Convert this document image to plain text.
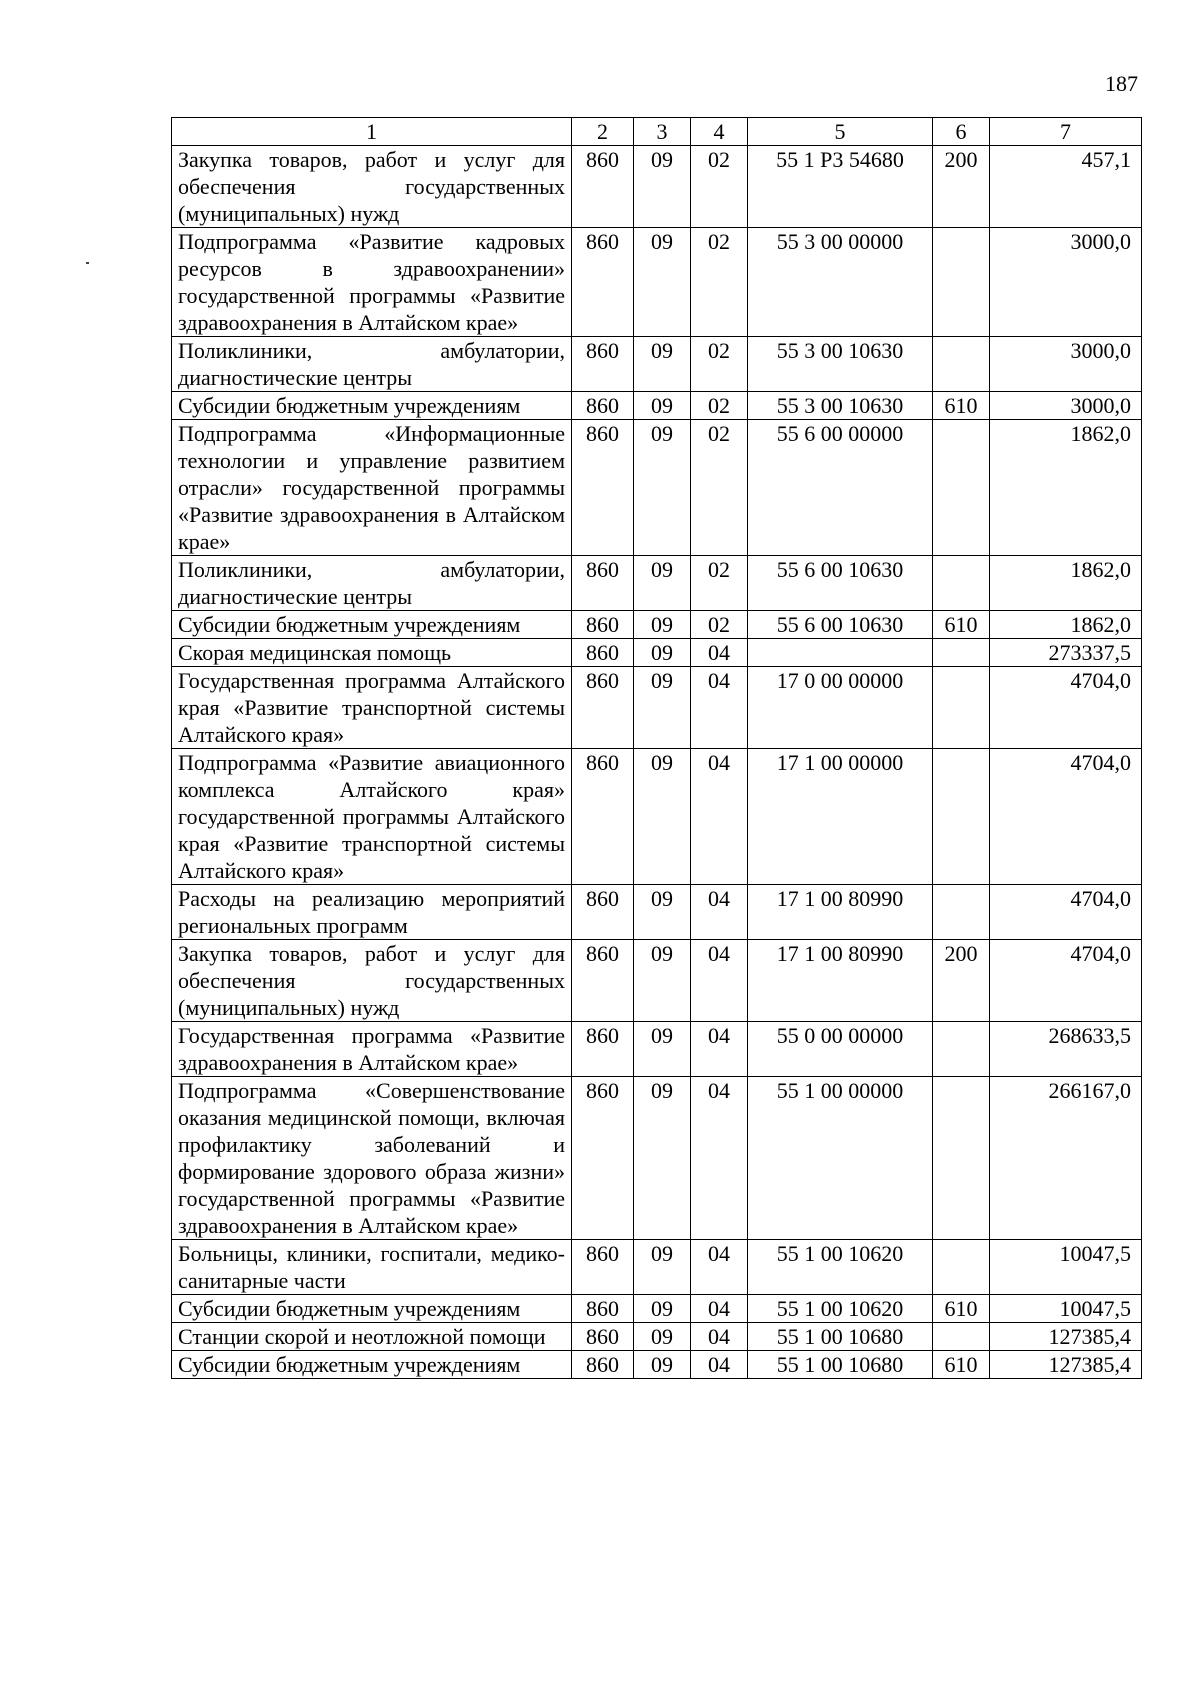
187
1	2	3	4	5	6	7
Закупка товаров, работ и услуг для обеспечения государственных (муниципальных) нужд	860	09	02	55 1 Р3 54680	200	457,1
Подпрограмма «Развитие кадровых ресурсов в здравоохранении» государственной программы «Развитие здравоохранения в Алтайском крае»	860	09	02	55 3 00 00000		3000,0
Поликлиники, амбулатории, диагностические центры	860	09	02	55 3 00 10630		3000,0
Субсидии бюджетным учреждениям	860	09	02	55 3 00 10630	610	3000,0
Подпрограмма «Информационные технологии и управление развитием отрасли» государственной программы «Развитие здравоохранения в Алтайском крае»	860	09	02	55 6 00 00000		1862,0
Поликлиники, амбулатории, диагностические центры	860	09	02	55 6 00 10630		1862,0
Субсидии бюджетным учреждениям	860	09	02	55 6 00 10630	610	1862,0
Скорая медицинская помощь	860	09	04			273337,5
Государственная программа Алтайского края «Развитие транспортной системы Алтайского края»	860	09	04	17 0 00 00000		4704,0
Подпрограмма «Развитие авиационного комплекса Алтайского края» государственной программы Алтайского края «Развитие транспортной системы Алтайского края»	860	09	04	17 1 00 00000		4704,0
Расходы на реализацию мероприятий региональных программ	860	09	04	17 1 00 80990		4704,0
Закупка товаров, работ и услуг для обеспечения государственных (муниципальных) нужд	860	09	04	17 1 00 80990	200	4704,0
Государственная программа «Развитие здравоохранения в Алтайском крае»	860	09	04	55 0 00 00000		268633,5
Подпрограмма «Совершенствование оказания медицинской помощи, включая профилактику заболеваний и формирование здорового образа жизни» государственной программы «Развитие здравоохранения в Алтайском крае»	860	09	04	55 1 00 00000		266167,0
Больницы, клиники, госпитали, медико-санитарные части	860	09	04	55 1 00 10620		10047,5
Субсидии бюджетным учреждениям	860	09	04	55 1 00 10620	610	10047,5
Станции скорой и неотложной помощи	860	09	04	55 1 00 10680		127385,4
Субсидии бюджетным учреждениям	860	09	04	55 1 00 10680	610	127385,4
